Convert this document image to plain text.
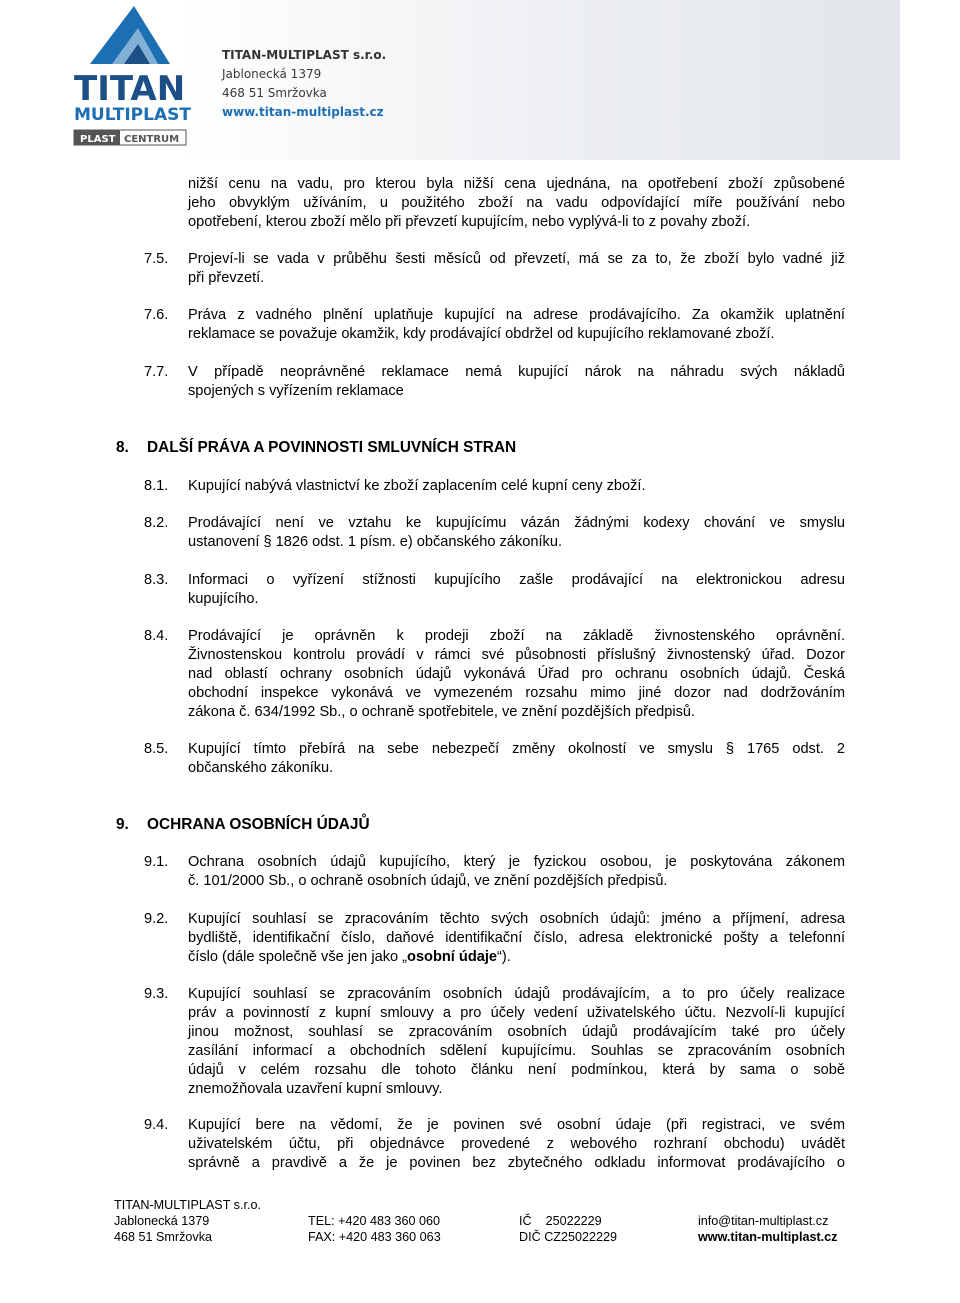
TITAN
MULTIPLAST
PLAST CENTRUM
TITAN-MULTIPLAST s.r.o.
Jablonecká 1379
468 51 Smržovka
www.titan-multiplast.cz
nižší cenu na vadu, pro kterou byla nižší cena ujednána, na opotřebení zboží způsobené
jeho obvyklým užíváním, u použitého zboží na vadu odpovídající míře používání nebo
opotřebení, kterou zboží mělo při převzetí kupujícím, nebo vyplývá-li to z povahy zboží.
7.5. Projeví-li se vada v průběhu šesti měsíců od převzetí, má se za to, že zboží bylo vadné již
při převzetí.
7.6. Práva z vadného plnění uplatňuje kupující na adrese prodávajícího. Za okamžik uplatnění
reklamace se považuje okamžik, kdy prodávající obdržel od kupujícího reklamované zboží.
7.7. V případě neoprávněné reklamace nemá kupující nárok na náhradu svých nákladů
spojených s vyřízením reklamace
8. DALŠÍ PRÁVA A POVINNOSTI SMLUVNÍCH STRAN
8.1. Kupující nabývá vlastnictví ke zboží zaplacením celé kupní ceny zboží.
8.2. Prodávající není ve vztahu ke kupujícímu vázán žádnými kodexy chování ve smyslu
ustanovení § 1826 odst. 1 písm. e) občanského zákoníku.
8.3. Informaci o vyřízení stížnosti kupujícího zašle prodávající na elektronickou adresu
kupujícího.
8.4. Prodávající je oprávněn k prodeji zboží na základě živnostenského oprávnění.
Živnostenskou kontrolu provádí v rámci své působnosti příslušný živnostenský úřad. Dozor
nad oblastí ochrany osobních údajů vykonává Úřad pro ochranu osobních údajů. Česká
obchodní inspekce vykonává ve vymezeném rozsahu mimo jiné dozor nad dodržováním
zákona č. 634/1992 Sb., o ochraně spotřebitele, ve znění pozdějších předpisů.
8.5. Kupující tímto přebírá na sebe nebezpečí změny okolností ve smyslu § 1765 odst. 2
občanského zákoníku.
9. OCHRANA OSOBNÍCH ÚDAJŮ
9.1. Ochrana osobních údajů kupujícího, který je fyzickou osobou, je poskytována zákonem
č. 101/2000 Sb., o ochraně osobních údajů, ve znění pozdějších předpisů.
9.2. Kupující souhlasí se zpracováním těchto svých osobních údajů: jméno a příjmení, adresa
bydliště, identifikační číslo, daňové identifikační číslo, adresa elektronické pošty a telefonní
číslo (dále společně vše jen jako „osobní údaje“).
9.3. Kupující souhlasí se zpracováním osobních údajů prodávajícím, a to pro účely realizace
práv a povinností z kupní smlouvy a pro účely vedení uživatelského účtu. Nezvolí-li kupující
jinou možnost, souhlasí se zpracováním osobních údajů prodávajícím také pro účely
zasílání informací a obchodních sdělení kupujícímu. Souhlas se zpracováním osobních
údajů v celém rozsahu dle tohoto článku není podmínkou, která by sama o sobě
znemožňovala uzavření kupní smlouvy.
9.4. Kupující bere na vědomí, že je povinen své osobní údaje (při registraci, ve svém
uživatelském účtu, při objednávce provedené z webového rozhraní obchodu) uvádět
správně a pravdivě a že je povinen bez zbytečného odkladu informovat prodávajícího o
TITAN-MULTIPLAST s.r.o.
Jablonecká 1379
468 51 Smržovka
TEL: +420 483 360 060
FAX: +420 483 360 063
IČ    25022229
DIČ CZ25022229
info@titan-multiplast.cz
www.titan-multiplast.cz
